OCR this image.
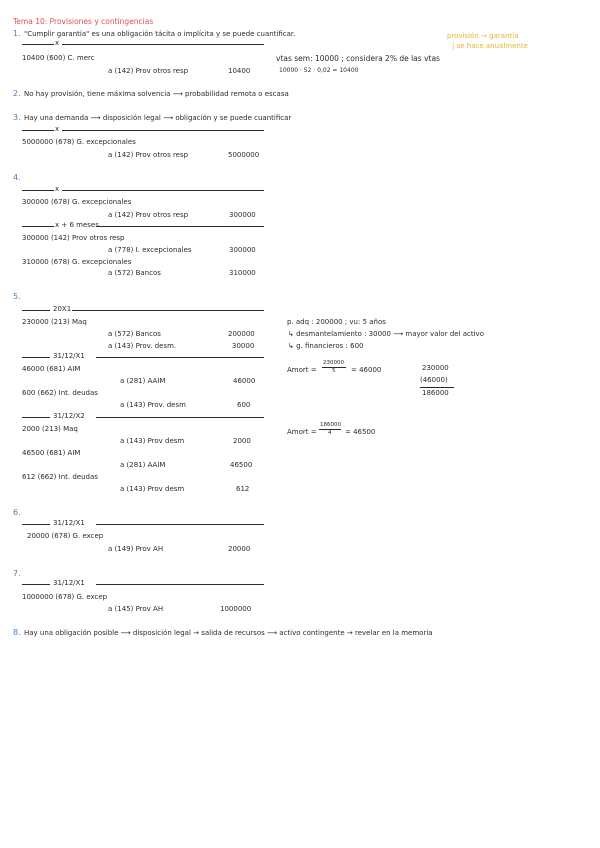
Tema 10: Provisiones y contingencias
provisión → garantía
| se hace anualmente
1. "Cumplir garantía" es una obligación tácita o implícita y se puede cuantificar.
x
10400 (600) C. merc
a (142) Prov otros resp	10400
vtas sem: 10000 ; considera 2% de las vtas
10000 · 52 · 0,02 = 10400
2. No hay provisión, tiene máxima solvencia ⟶ probabilidad remota o escasa
3. Hay una demanda ⟶ disposición legal ⟶ obligación y se puede cuantificar
x
5000000 (678) G. excepcionales
a (142) Prov otros resp	5000000
4.
x
300000 (678) G. excepcionales
a (142) Prov otros resp	300000
x + 6 meses
300000 (142) Prov otros resp
a (778) I. excepcionales	300000
310000 (678) G. excepcionales
a (572) Bancos	310000
5.
20X1
230000 (213) Maq
a (572) Bancos	200000
a (143) Prov. desm.	30000
p. adq : 200000 ; vu: 5 años
↳ desmantelamiento : 30000 ⟶ mayor valor del activo
↳ g. financieros : 600
31/12/X1
46000 (681) AIM
a (281) AAIM	46000
Amort =
230000
5 = 46000	230000
(46000)
186000
600 (662) Int. deudas
a (143) Prov. desm	600
31/12/X2
2000 (213) Maq
a (143) Prov desm	2000
Amort =
186000
4 = 46500
46500 (681) AIM
a (281) AAIM	46500
612 (662) Int. deudas
a (143) Prov desm	612
6.
31/12/X1
20000 (678) G. excep
a (149) Prov AH	20000
7.
31/12/X1
1000000 (678) G. excep
a (145) Prov AH	1000000
8. Hay una obligación posible ⟶ disposición legal → salida de recursos ⟶ activo contingente → revelar en la memoria
